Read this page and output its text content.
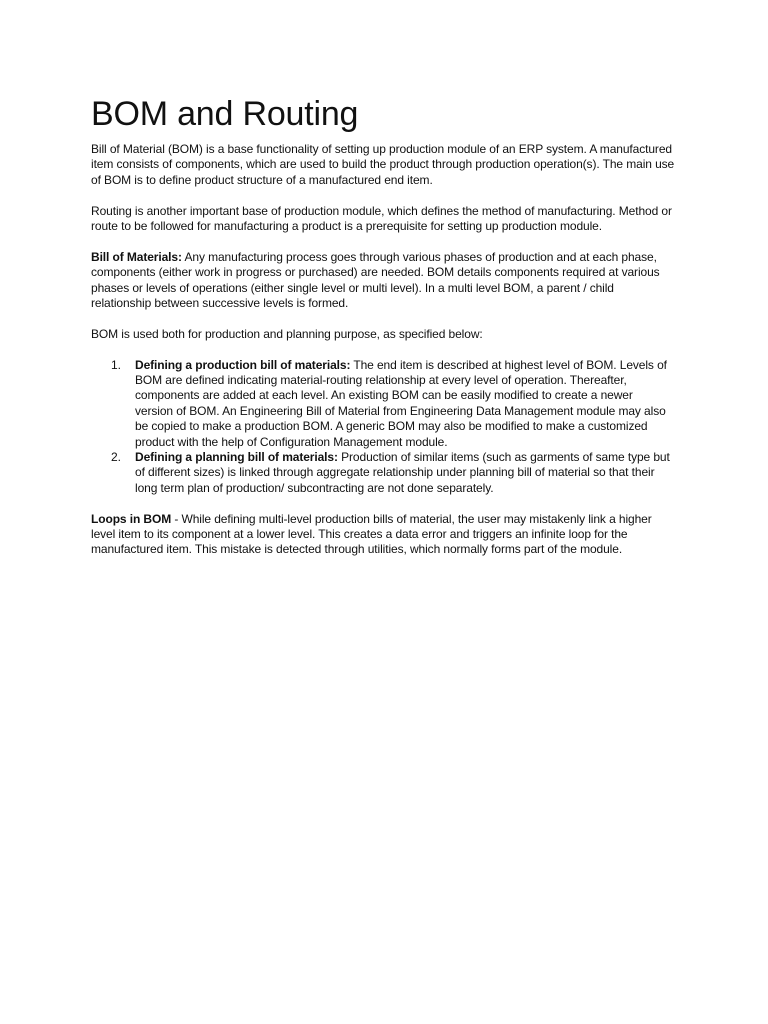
BOM and Routing

Bill of Material (BOM) is a base functionality of setting up production module of an ERP system. A manufactured item consists of components, which are used to build the product through production operation(s). The main use of BOM is to define product structure of a manufactured end item.

Routing is another important base of production module, which defines the method of manufacturing. Method or route to be followed for manufacturing a product is a prerequisite for setting up production module.

Bill of Materials: Any manufacturing process goes through various phases of production and at each phase, components (either work in progress or purchased) are needed. BOM details components required at various phases or levels of operations (either single level or multi level). In a multi level BOM, a parent / child relationship between successive levels is formed.

BOM is used both for production and planning purpose, as specified below:

1.	Defining a production bill of materials: The end item is described at highest level of BOM. Levels of BOM are defined indicating material-routing relationship at every level of operation. Thereafter, components are added at each level. An existing BOM can be easily modified to create a newer version of BOM. An Engineering Bill of Material from Engineering Data Management module may also be copied to make a production BOM. A generic BOM may also be modified to make a customized product with the help of Configuration Management module.
2.	Defining a planning bill of materials: Production of similar items (such as garments of same type but of different sizes) is linked through aggregate relationship under planning bill of material so that their long term plan of production/ subcontracting are not done separately.

Loops in BOM - While defining multi-level production bills of material, the user may mistakenly link a higher level item to its component at a lower level. This creates a data error and triggers an infinite loop for the manufactured item. This mistake is detected through utilities, which normally forms part of the module.
